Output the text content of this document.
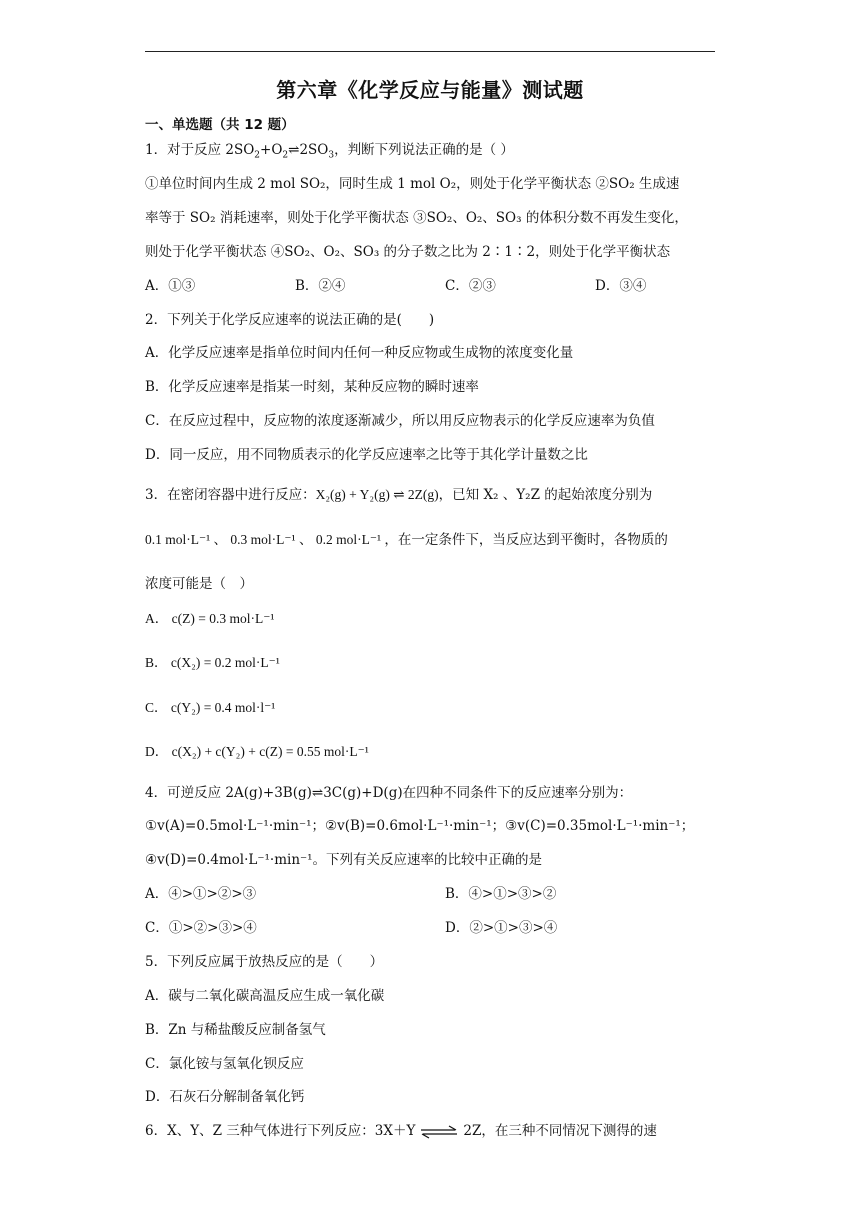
第六章《化学反应与能量》测试题
一、单选题（共 12 题）
1．对于反应 $2SO_2+O_2\rightleftharpoons 2SO_3$，判断下列说法正确的是（ ）
①单位时间内生成 2 mol SO₂，同时生成 1 mol O₂，则处于化学平衡状态 ②SO₂ 生成速
率等于 SO₂ 消耗速率，则处于化学平衡状态 ③SO₂、O₂、SO₃ 的体积分数不再发生变化，
则处于化学平衡状态 ④SO₂、O₂、SO₃ 的分子数之比为 2∶1∶2，则处于化学平衡状态
A．①③	B．②④	C．②③	D．③④
2．下列关于化学反应速率的说法正确的是(　　)
A．化学反应速率是指单位时间内任何一种反应物或生成物的浓度变化量
B．化学反应速率是指某一时刻，某种反应物的瞬时速率
C．在反应过程中，反应物的浓度逐渐减少，所以用反应物表示的化学反应速率为负值
D．同一反应，用不同物质表示的化学反应速率之比等于其化学计量数之比
3．在密闭容器中进行反应：X₂(g) + Y₂(g) ⇌ 2Z(g)，已知 X₂ 、Y₂Z 的起始浓度分别为
0.1 mol·L⁻¹ 、 0.3 mol·L⁻¹ 、 0.2 mol·L⁻¹ ，在一定条件下，当反应达到平衡时，各物质的
浓度可能是（　）
A． c(Z) = 0.3 mol·L⁻¹
B． c(X₂) = 0.2 mol·L⁻¹
C． c(Y₂) = 0.4 mol·l⁻¹
D． c(X₂) + c(Y₂) + c(Z) = 0.55 mol·L⁻¹
4．可逆反应 2A(g)+3B(g)⇌3C(g)+D(g)在四种不同条件下的反应速率分别为：
①v(A)=0.5mol·L⁻¹·min⁻¹；②v(B)=0.6mol·L⁻¹·min⁻¹；③v(C)=0.35mol·L⁻¹·min⁻¹；
④v(D)=0.4mol·L⁻¹·min⁻¹。下列有关反应速率的比较中正确的是
A．④>①>②>③	B．④>①>③>②
C．①>②>③>④	D．②>①>③>④
5．下列反应属于放热反应的是（　　）
A．碳与二氧化碳高温反应生成一氧化碳
B．Zn 与稀盐酸反应制备氢气
C．氯化铵与氢氧化钡反应
D．石灰石分解制备氧化钙
6．X、Y、Z 三种气体进行下列反应：3X＋Y ⇌ 2Z，在三种不同情况下测得的速
